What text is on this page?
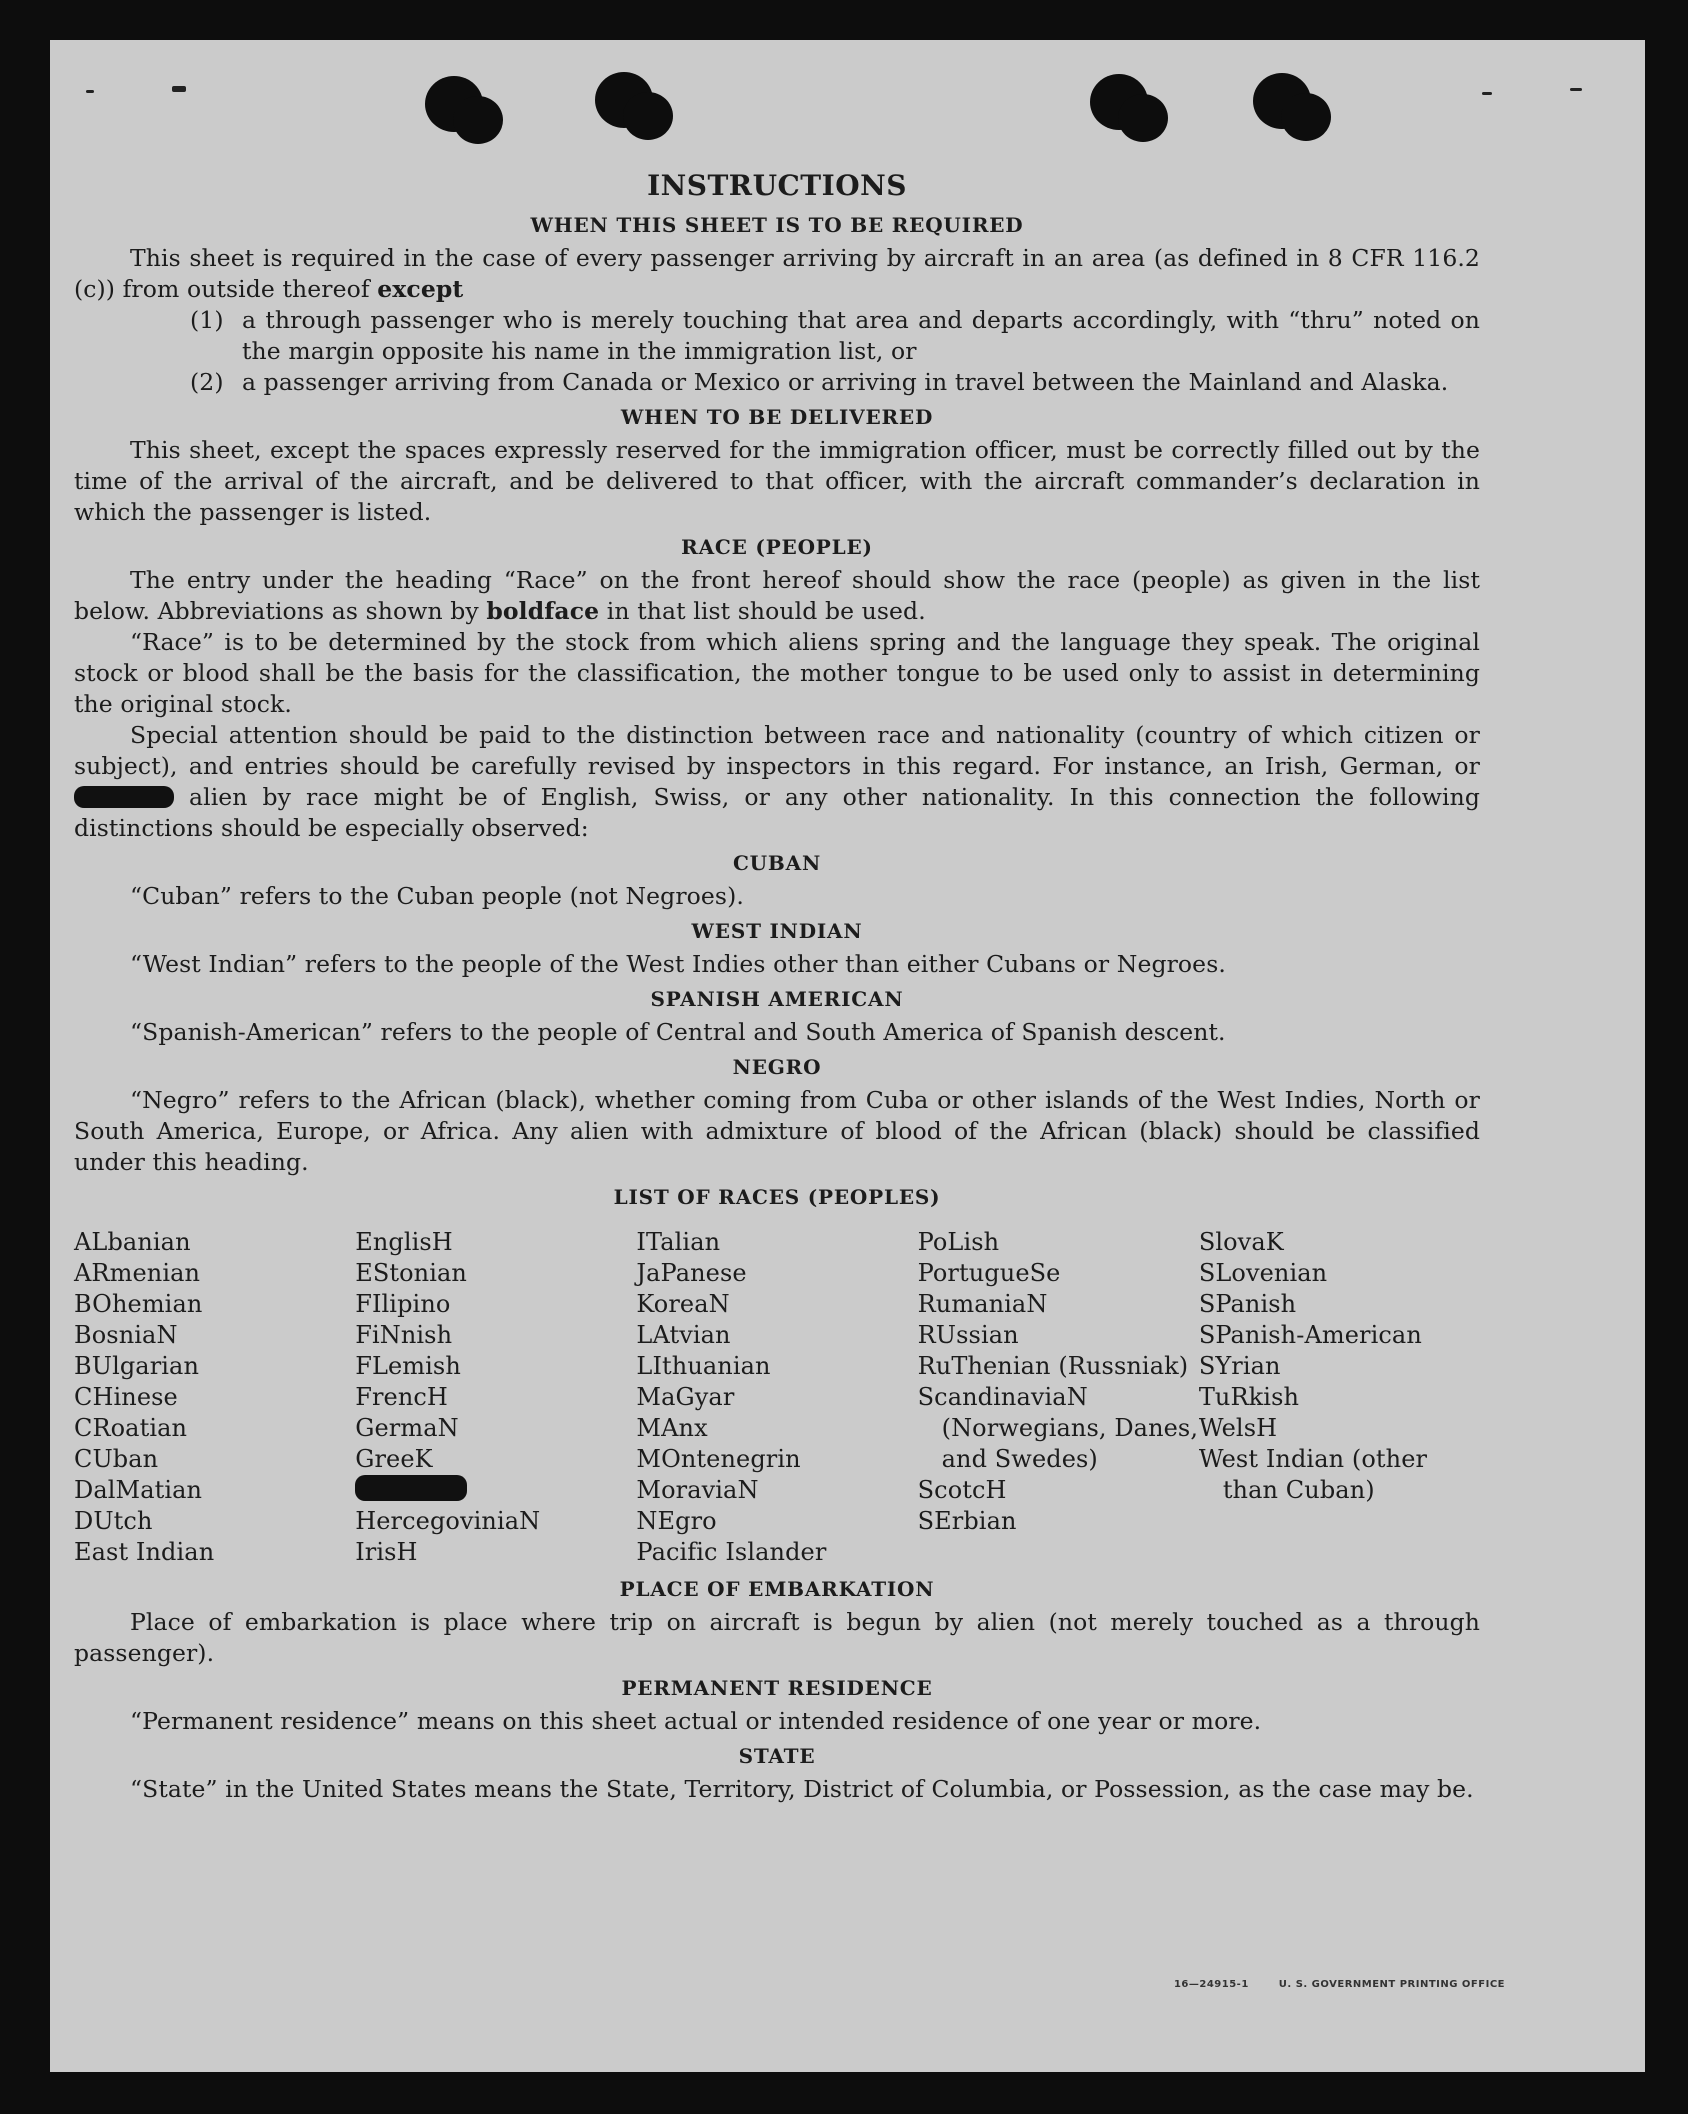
INSTRUCTIONS
WHEN THIS SHEET IS TO BE REQUIRED

This sheet is required in the case of every passenger arriving by aircraft in an area (as defined in 8 CFR 116.2 (c)) from outside thereof except

(1) a through passenger who is merely touching that area and departs accordingly, with “thru” noted on the margin opposite his name in the immigration list, or

(2) a passenger arriving from Canada or Mexico or arriving in travel between the Mainland and Alaska.

WHEN TO BE DELIVERED

This sheet, except the spaces expressly reserved for the immigration officer, must be correctly filled out by the time of the arrival of the aircraft, and be delivered to that officer, with the aircraft commander’s declaration in which the passenger is listed.

RACE (PEOPLE)

The entry under the heading “Race” on the front hereof should show the race (people) as given in the list below. Abbreviations as shown by boldface in that list should be used.

“Race” is to be determined by the stock from which aliens spring and the language they speak. The original stock or blood shall be the basis for the classification, the mother tongue to be used only to assist in determining the original stock.

Special attention should be paid to the distinction between race and nationality (country of which citizen or subject), and entries should be carefully revised by inspectors in this regard. For instance, an Irish, German, or  alien by race might be of English, Swiss, or any other nationality. In this connection the following distinctions should be especially observed:

CUBAN

“Cuban” refers to the Cuban people (not Negroes).

WEST INDIAN

“West Indian” refers to the people of the West Indies other than either Cubans or Negroes.

SPANISH AMERICAN

“Spanish-American” refers to the people of Central and South America of Spanish descent.

NEGRO

“Negro” refers to the African (black), whether coming from Cuba or other islands of the West Indies, North or South America, Europe, or Africa. Any alien with admixture of blood of the African (black) should be classified under this heading.

LIST OF RACES (PEOPLES)

ALbanian

ARmenian

BOhemian

BosniaN

BUlgarian

CHinese

CRoatian

CUban

DalMatian

DUtch

East Indian

EnglisH

EStonian

FIlipino

FiNnish

FLemish

FrencH

GermaN

GreeK

HercegoviniaN

IrisH

ITalian

JaPanese

KoreaN

LAtvian

LIthuanian

MaGyar

MAnx

MOntenegrin

MoraviaN

NEgro

Pacific Islander

PoLish

PortugueSe

RumaniaN

RUssian

RuThenian (Russniak)

ScandinaviaN (Norwegians, Danes, and Swedes)

ScotcH

SErbian

SlovaK

SLovenian

SPanish

SPanish-American

SYrian

TuRkish

WelsH

West Indian (other than Cuban)

PLACE OF EMBARKATION

Place of embarkation is place where trip on aircraft is begun by alien (not merely touched as a through passenger).

PERMANENT RESIDENCE

“Permanent residence” means on this sheet actual or intended residence of one year or more.

STATE

“State” in the United States means the State, Territory, District of Columbia, or Possession, as the case may be.

16—24915-1	U. S. GOVERNMENT PRINTING OFFICE
